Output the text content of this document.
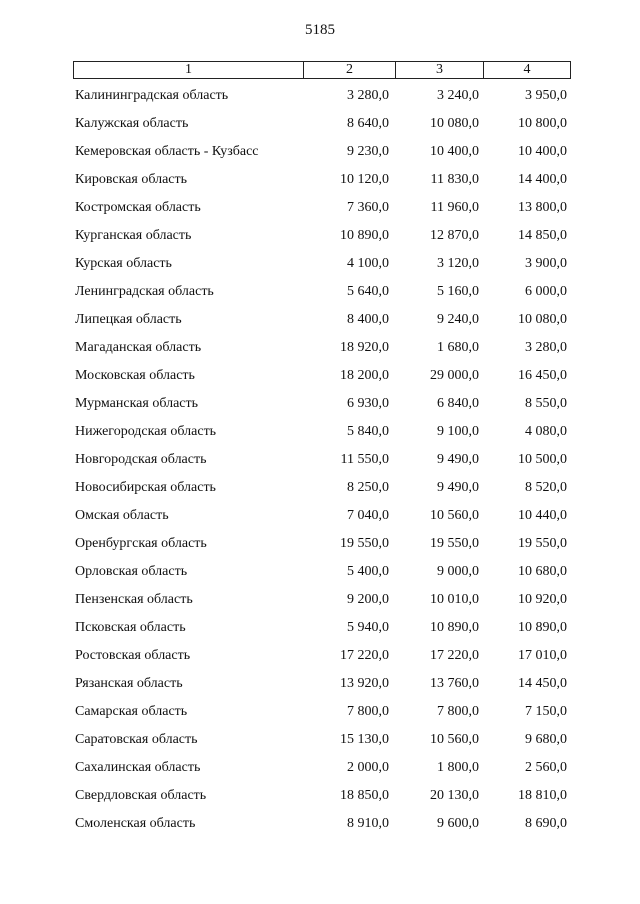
5185
1	2	3	4
Калининградская область	3 280,0	3 240,0	3 950,0
Калужская область	8 640,0	10 080,0	10 800,0
Кемеровская область - Кузбасс	9 230,0	10 400,0	10 400,0
Кировская область	10 120,0	11 830,0	14 400,0
Костромская область	7 360,0	11 960,0	13 800,0
Курганская область	10 890,0	12 870,0	14 850,0
Курская область	4 100,0	3 120,0	3 900,0
Ленинградская область	5 640,0	5 160,0	6 000,0
Липецкая область	8 400,0	9 240,0	10 080,0
Магаданская область	18 920,0	1 680,0	3 280,0
Московская область	18 200,0	29 000,0	16 450,0
Мурманская область	6 930,0	6 840,0	8 550,0
Нижегородская область	5 840,0	9 100,0	4 080,0
Новгородская область	11 550,0	9 490,0	10 500,0
Новосибирская область	8 250,0	9 490,0	8 520,0
Омская область	7 040,0	10 560,0	10 440,0
Оренбургская область	19 550,0	19 550,0	19 550,0
Орловская область	5 400,0	9 000,0	10 680,0
Пензенская область	9 200,0	10 010,0	10 920,0
Псковская область	5 940,0	10 890,0	10 890,0
Ростовская область	17 220,0	17 220,0	17 010,0
Рязанская область	13 920,0	13 760,0	14 450,0
Самарская область	7 800,0	7 800,0	7 150,0
Саратовская область	15 130,0	10 560,0	9 680,0
Сахалинская область	2 000,0	1 800,0	2 560,0
Свердловская область	18 850,0	20 130,0	18 810,0
Смоленская область	8 910,0	9 600,0	8 690,0
